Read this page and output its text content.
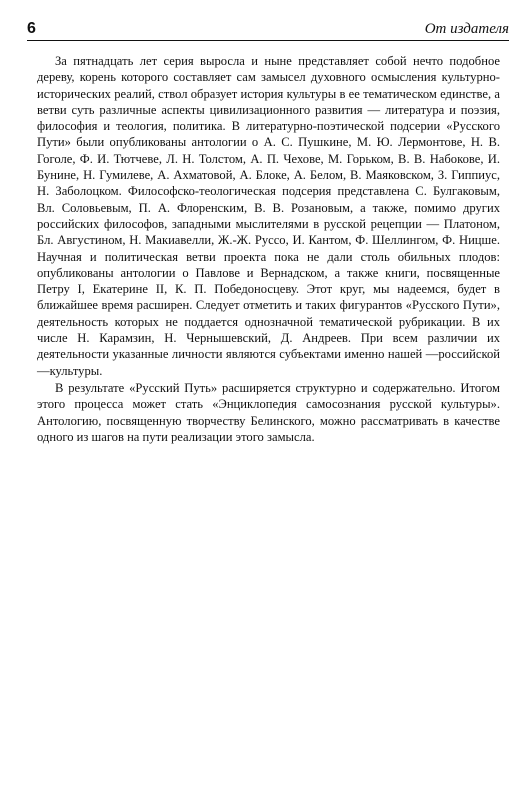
6	От издателя

За пятнадцать лет серия выросла и ныне представляет собой нечто подобное дереву, корень которого составляет сам замысел духовного осмысления культурно-исторических реалий, ствол образует история культуры в ее тематическом единстве, а ветви суть различные аспекты цивилизационного развития — литература и поэзия, философия и теология, политика. В литературно-поэтической подсерии «Русского Пути» были опубликованы антологии о А. С. Пушкине, М. Ю. Лермонтове, Н. В. Гоголе, Ф. И. Тютчеве, Л. Н. Толстом, А. П. Чехове, М. Горьком, В. В. Набокове, И. Бунине, Н. Гумилеве, А. Ахматовой, А. Блоке, А. Белом, В. Маяковском, З. Гиппиус, Н. Заболоцком. Философско-теологическая подсерия представлена С. Булгаковым, Вл. Соловьевым, П. А. Флоренским, В. В. Розановым, а также, помимо других российских философов, западными мыслителями в русской рецепции — Платоном, Бл. Августином, Н. Макиавелли, Ж.-Ж. Руссо, И. Кантом, Ф. Шеллингом, Ф. Ницше. Научная и политическая ветви проекта пока не дали столь обильных плодов: опубликованы антологии о Павлове и Вернадском, а также книги, посвященные Петру I, Екатерине II, К. П. Победоносцеву. Этот круг, мы надеемся, будет в ближайшее время расширен. Следует отметить и таких фигурантов «Русского Пути», деятельность которых не поддается однозначной тематической рубрикации. В их числе Н. Карамзин, Н. Чернышевский, Д. Андреев. При всем различии их деятельности указанные личности являются субъектами именно нашей —российской —культуры.

В результате «Русский Путь» расширяется структурно и содержательно. Итогом этого процесса может стать «Энциклопедия самосознания русской культуры». Антологию, посвященную творчеству Белинского, можно рассматривать в качестве одного из шагов на пути реализации этого замысла.
